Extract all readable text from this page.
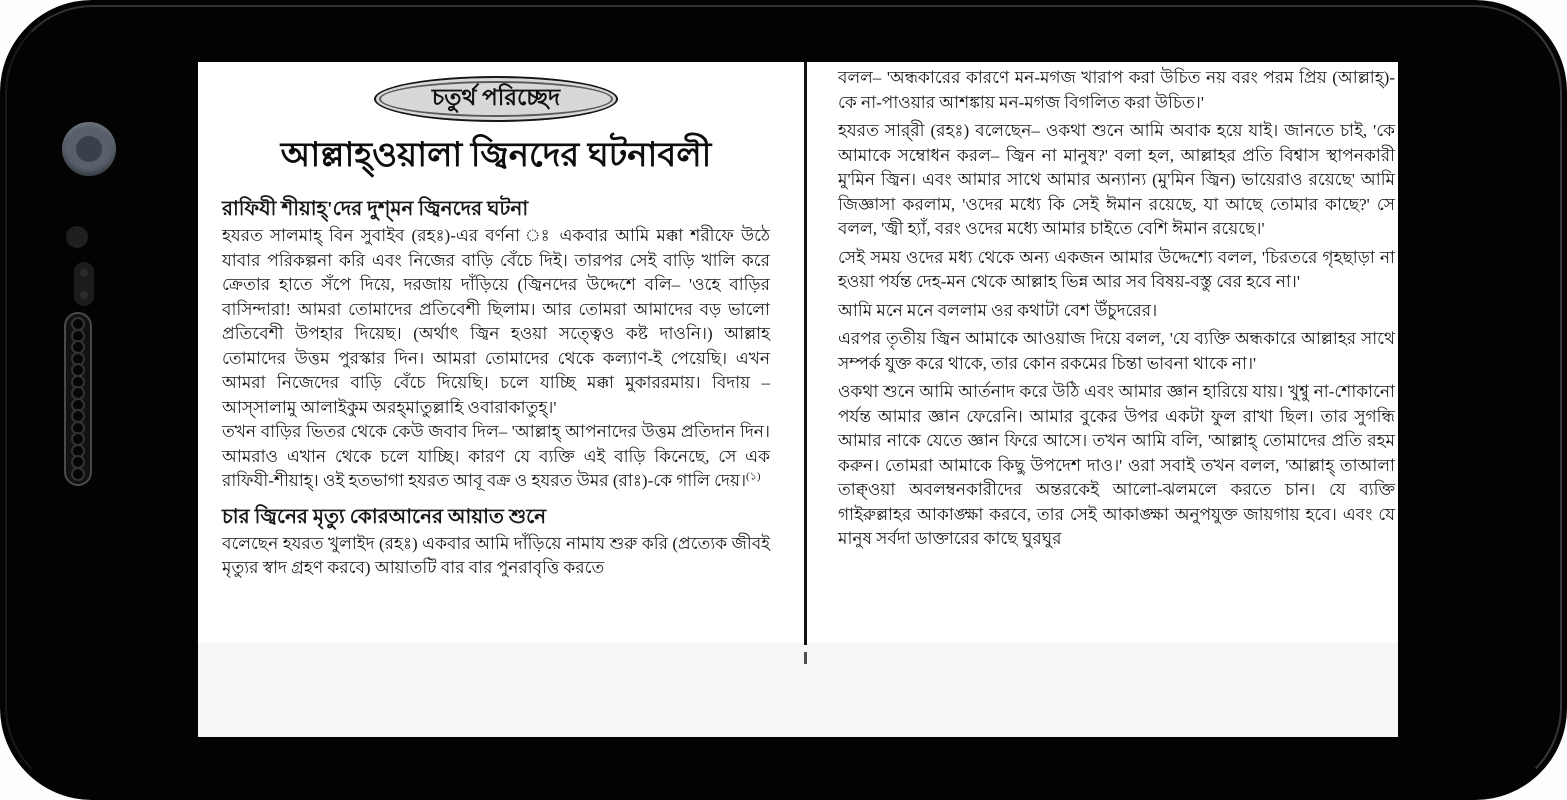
চতুর্থ পরিচ্ছেদ
আল্লাহ্‌ওয়ালা জ্বিনদের ঘটনাবলী
রাফিযী শীয়াহ্‌'দের দুশ্‌মন জ্বিনদের ঘটনা

হযরত সালমাহ্ বিন সুবাইব (রহঃ)-এর বর্ণনা ঃ একবার আমি মক্কা শরীফে উঠে যাবার পরিকল্পনা করি এবং নিজের বাড়ি বেঁচে দিই। তারপর সেই বাড়ি খালি করে ক্রেতার হাতে সঁপে দিয়ে, দরজায় দাঁড়িয়ে (জ্বিনদের উদ্দেশে বলি– 'ওহে বাড়ির বাসিন্দারা! আমরা তোমাদের প্রতিবেশী ছিলাম। আর তোমরা আমাদের বড় ভালো প্রতিবেশী উপহার দিয়েছ। (অর্থাৎ জ্বিন হওয়া সত্ত্বেও কষ্ট দাওনি।) আল্লাহ তোমাদের উত্তম পুরস্কার দিন। আমরা তোমাদের থেকে কল্যাণ-ই পেয়েছি। এখন আমরা নিজেদের বাড়ি বেঁচে দিয়েছি। চলে যাচ্ছি মক্কা মুকাররমায়। বিদায় – আস্‌সালামু আলাইকুম অরহ্‌মাতুল্লাহি ওবারাকাতুহ্।'

তখন বাড়ির ভিতর থেকে কেউ জবাব দিল– 'আল্লাহ্ আপনাদের উত্তম প্রতিদান দিন। আমরাও এখান থেকে চলে যাচ্ছি। কারণ যে ব্যক্তি এই বাড়ি কিনেছে, সে এক রাফিযী-শীয়াহ্। ওই হতভাগা হযরত আবূ বক্র ও হযরত উমর (রাঃ)-কে গালি দেয়।$^{(১)}$

চার জ্বিনের মৃত্যু কোরআনের আয়াত শুনে

বলেছেন হযরত খুলাইদ (রহঃ) একবার আমি দাঁড়িয়ে নামায শুরু করি (প্রত্যেক জীবই মৃত্যুর স্বাদ গ্রহণ করবে) আয়াতটি বার বার পুনরাবৃত্তি করতে

বলল– 'অন্ধকারের কারণে মন-মগজ খারাপ করা উচিত নয় বরং পরম প্রিয় (আল্লাহ্)-কে না-পাওয়ার আশঙ্কায় মন-মগজ বিগলিত করা উচিত।'

হযরত সার্‌রী (রহঃ) বলেছেন– ওকথা শুনে আমি অবাক হয়ে যাই। জানতে চাই, 'কে আমাকে সম্বোধন করল– জ্বিন না মানুষ?' বলা হল, আল্লাহর প্রতি বিশ্বাস স্থাপনকারী মু'মিন জ্বিন। এবং আমার সাথে আমার অন্যান্য (মু'মিন জ্বিন) ভায়েরাও রয়েছে' আমি জিজ্ঞাসা করলাম, 'ওদের মধ্যে কি সেই ঈমান রয়েছে, যা আছে তোমার কাছে?' সে বলল, 'জ্বী হ্যাঁ, বরং ওদের মধ্যে আমার চাইতে বেশি ঈমান রয়েছে।'

সেই সময় ওদের মধ্য থেকে অন্য একজন আমার উদ্দেশ্যে বলল, 'চিরতরে গৃহছাড়া না হওয়া পর্যন্ত দেহ-মন থেকে আল্লাহ ভিন্ন আর সব বিষয়-বস্তু বের হবে না।'

আমি মনে মনে বললাম ওর কথাটা বেশ উঁচুদরের।

এরপর তৃতীয় জ্বিন আমাকে আওয়াজ দিয়ে বলল, 'যে ব্যক্তি অন্ধকারে আল্লাহর সাথে সম্পর্ক যুক্ত করে থাকে, তার কোন রকমের চিন্তা ভাবনা থাকে না।'

ওকথা শুনে আমি আর্তনাদ করে উঠি এবং আমার জ্ঞান হারিয়ে যায়। খুশ্বু না-শোকানো পর্যন্ত আমার জ্ঞান ফেরেনি। আমার বুকের উপর একটা ফুল রাখা ছিল। তার সুগন্ধি আমার নাকে যেতে জ্ঞান ফিরে আসে। তখন আমি বলি, 'আল্লাহ্ তোমাদের প্রতি রহম করুন। তোমরা আমাকে কিছু উপদেশ দাও।' ওরা সবাই তখন বলল, 'আল্লাহ্ তাআলা তাক্ব্‌ওয়া অবলম্বনকারীদের অন্তরকেই আলো-ঝলমলে করতে চান। যে ব্যক্তি গাইরুল্লাহর আকাঙ্ক্ষা করবে, তার সেই আকাঙ্ক্ষা অনুপযুক্ত জায়গায় হবে। এবং যে মানুষ সর্বদা ডাক্তারের কাছে ঘুরঘুর
